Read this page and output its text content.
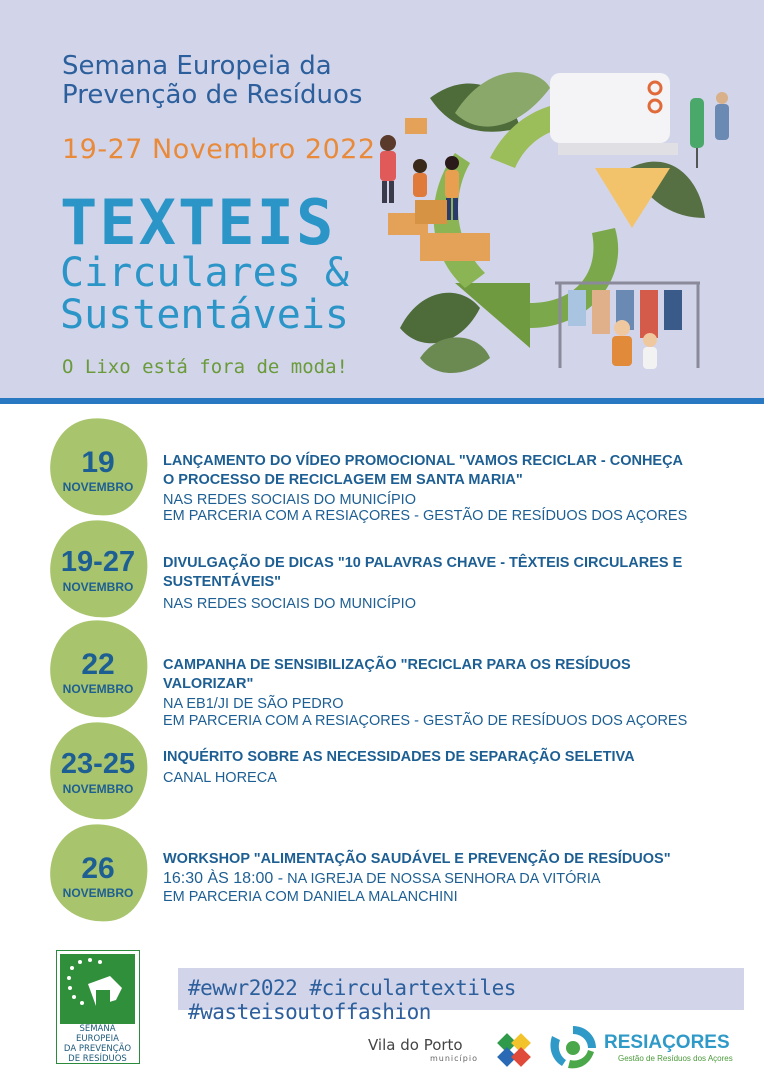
Semana Europeia da
Prevenção de Resíduos
19-27 Novembro 2022
TEXTEIS
Circulares &
Sustentáveis
O Lixo está fora de moda!
19
NOVEMBRO
LANÇAMENTO DO VÍDEO PROMOCIONAL "VAMOS RECICLAR - CONHEÇA
O PROCESSO DE RECICLAGEM EM SANTA MARIA"
NAS REDES SOCIAIS DO MUNICÍPIO
EM PARCERIA COM A RESIAÇORES - GESTÃO DE RESÍDUOS DOS AÇORES
19-27
NOVEMBRO
DIVULGAÇÃO DE DICAS "10 PALAVRAS CHAVE - TÊXTEIS CIRCULARES E
SUSTENTÁVEIS"
NAS REDES SOCIAIS DO MUNICÍPIO
22
NOVEMBRO
CAMPANHA DE SENSIBILIZAÇÃO "RECICLAR PARA OS RESÍDUOS
VALORIZAR"
NA EB1/JI DE SÃO PEDRO
EM PARCERIA COM A RESIAÇORES - GESTÃO DE RESÍDUOS DOS AÇORES
23-25
NOVEMBRO
INQUÉRITO SOBRE AS NECESSIDADES DE SEPARAÇÃO SELETIVA
CANAL HORECA
26
NOVEMBRO
WORKSHOP "ALIMENTAÇÃO SAUDÁVEL E PREVENÇÃO DE RESÍDUOS"
16:30 ÀS 18:00 - NA IGREJA DE NOSSA SENHORA DA VITÓRIA
EM PARCERIA COM DANIELA MALANCHINI
#ewwr2022 #circulartextiles #wasteisoutoffashion
SEMANA EUROPEIA
DA PREVENÇÃO
DE RESÍDUOS
Vila do Porto
município
RESIAÇORES
Gestão de Resíduos dos Açores
